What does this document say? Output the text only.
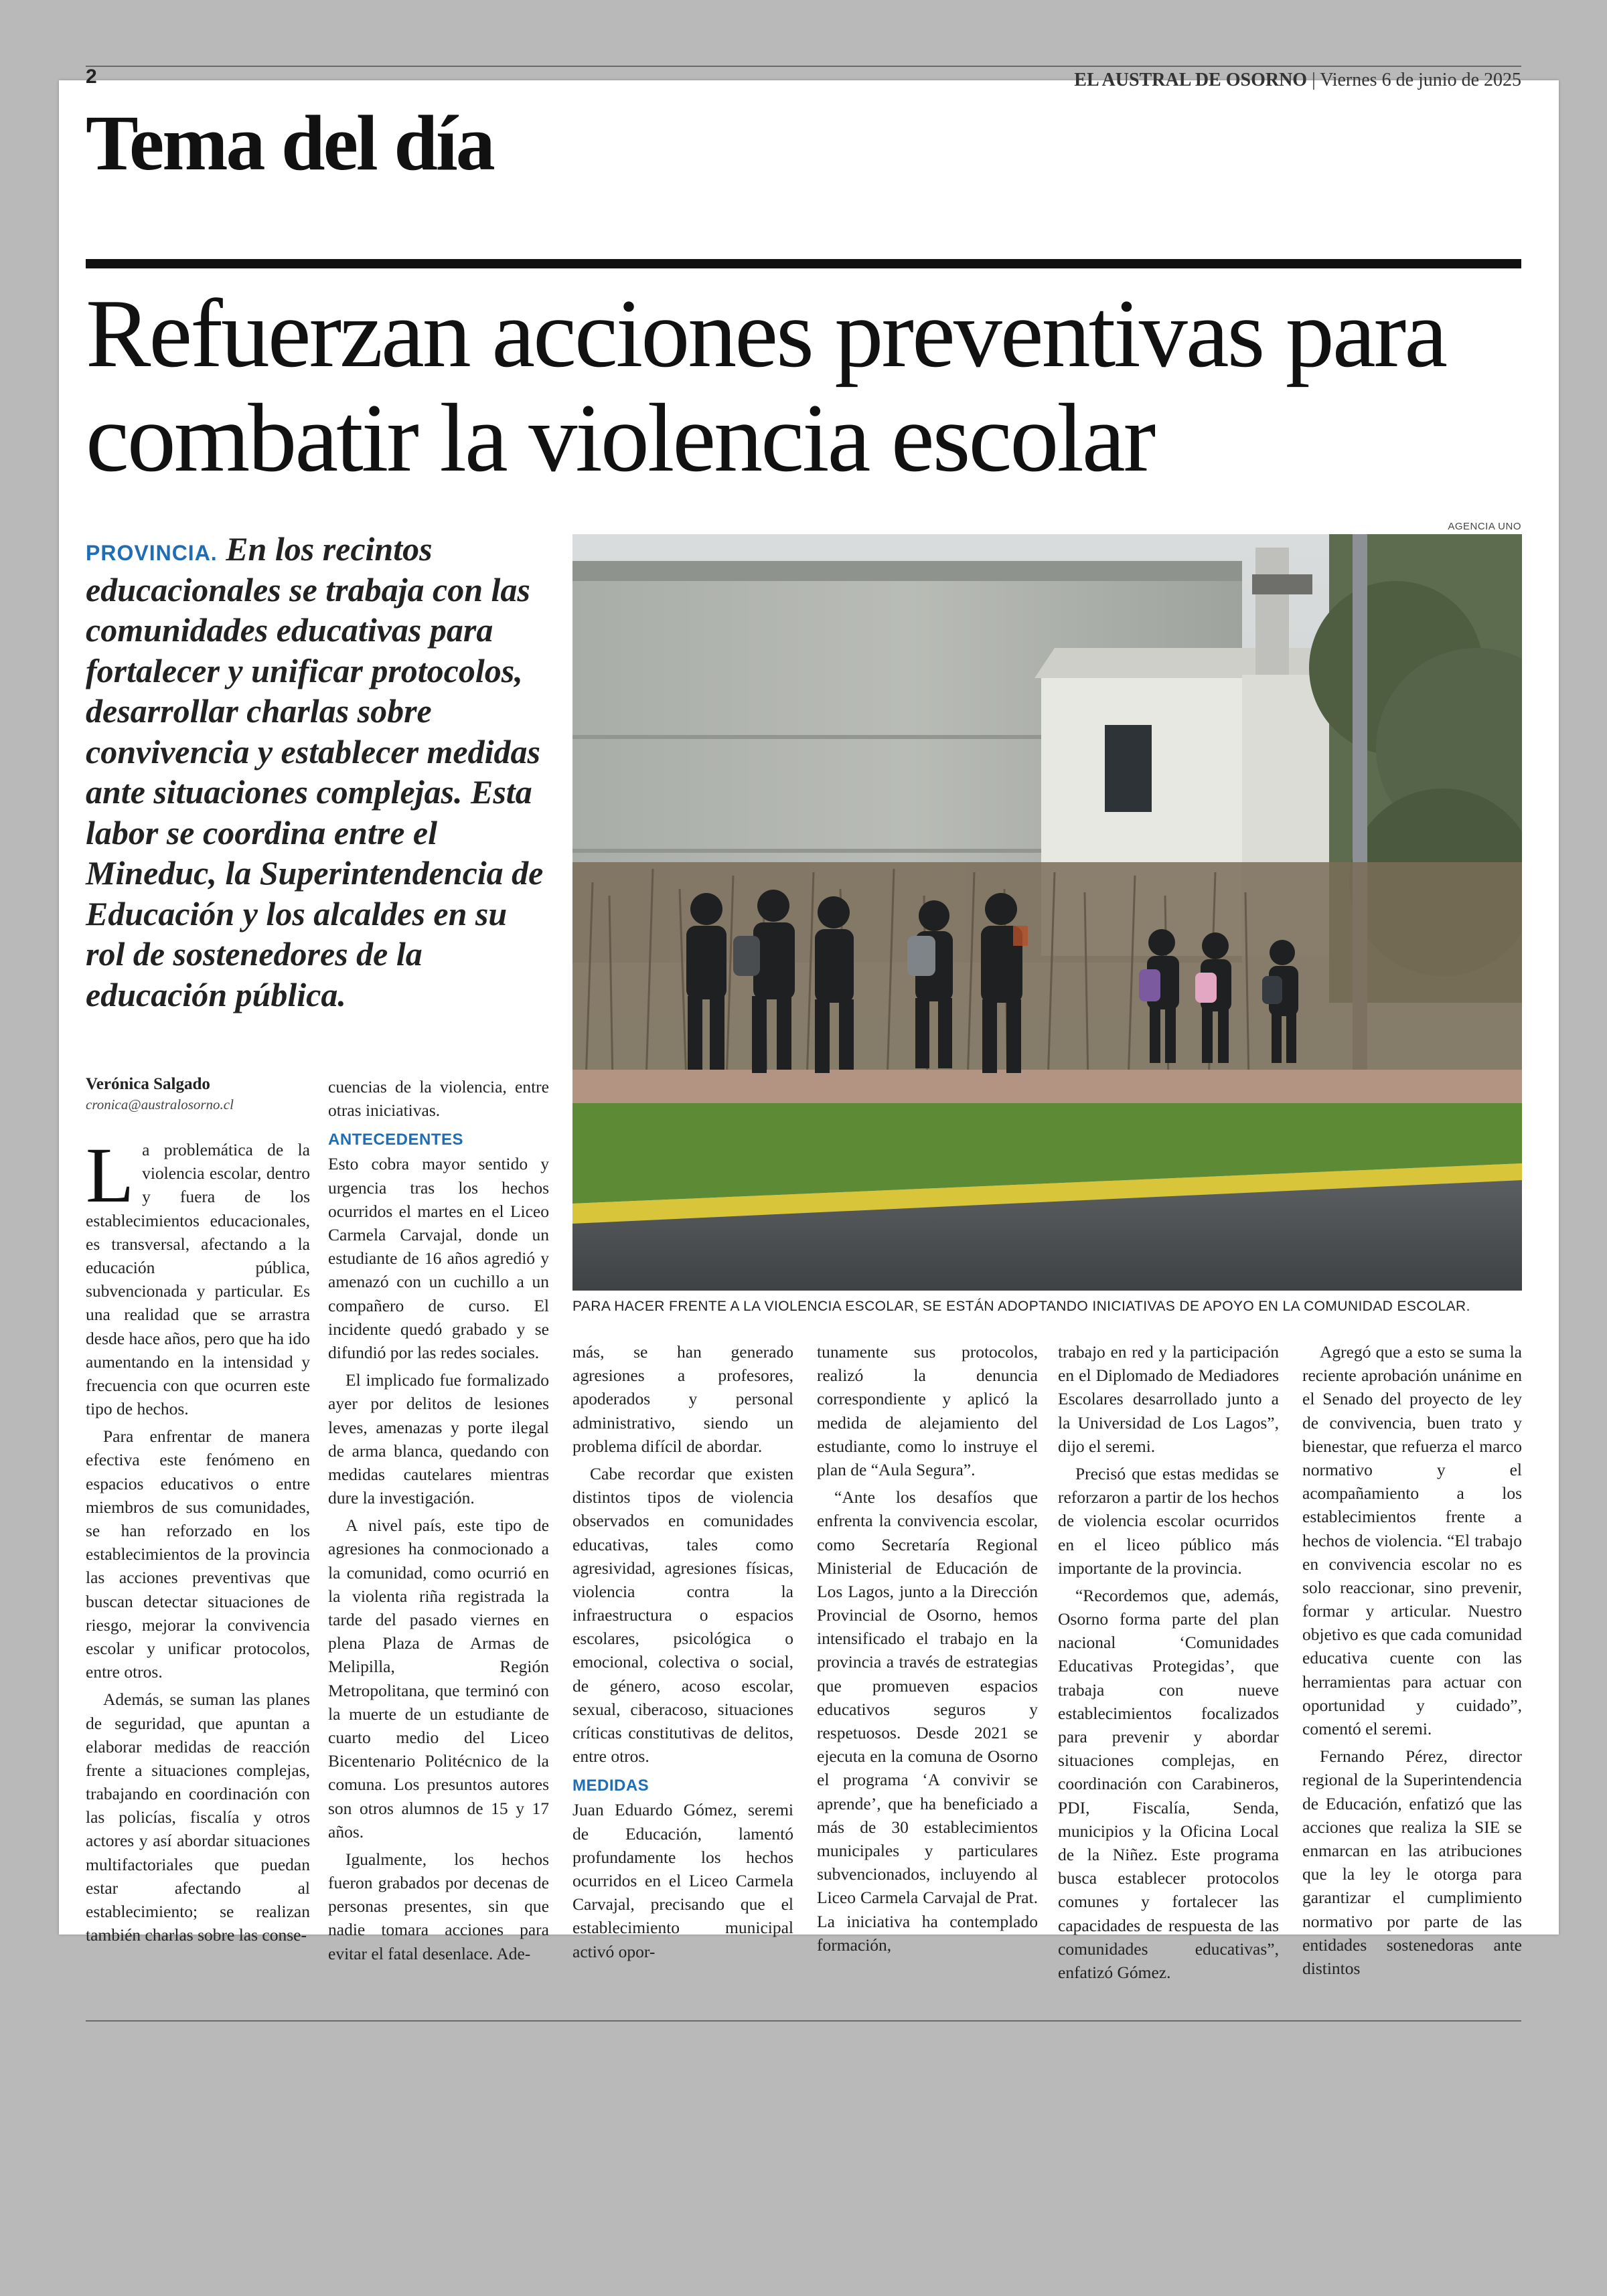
2	EL AUSTRAL DE OSORNO | Viernes 6 de junio de 2025
Tema del día
Refuerzan acciones preventivas para combatir la violencia escolar

PROVINCIA. En los recintos educacionales se trabaja con las comunidades educativas para fortalecer y unificar protocolos, desarrollar charlas sobre convivencia y establecer medidas ante situaciones complejas. Esta labor se coordina entre el Mineduc, la Superintendencia de Educación y los alcaldes en su rol de sostenedores de la educación pública.

AGENCIA UNO

PARA HACER FRENTE A LA VIOLENCIA ESCOLAR, SE ESTÁN ADOPTANDO INICIATIVAS DE APOYO EN LA COMUNIDAD ESCOLAR.

Verónica Salgado
cronica@australosorno.cl

La problemática de la violencia escolar, dentro y fuera de los establecimientos educacionales, es transversal, afectando a la educación pública, subvencionada y particular. Es una realidad que se arrastra desde hace años, pero que ha ido aumentando en la intensidad y frecuencia con que ocurren este tipo de hechos.

Para enfrentar de manera efectiva este fenómeno en espacios educativos o entre miembros de sus comunidades, se han reforzado en los establecimientos de la provincia las acciones preventivas que buscan detectar situaciones de riesgo, mejorar la convivencia escolar y unificar protocolos, entre otros.

Además, se suman las planes de seguridad, que apuntan a elaborar medidas de reacción frente a situaciones complejas, trabajando en coordinación con las policías, fiscalía y otros actores y así abordar situaciones multifactoriales que puedan estar afectando al establecimiento; se realizan también charlas sobre las conse-

cuencias de la violencia, entre otras iniciativas.

ANTECEDENTES

Esto cobra mayor sentido y urgencia tras los hechos ocurridos el martes en el Liceo Carmela Carvajal, donde un estudiante de 16 años agredió y amenazó con un cuchillo a un compañero de curso. El incidente quedó grabado y se difundió por las redes sociales.

El implicado fue formalizado ayer por delitos de lesiones leves, amenazas y porte ilegal de arma blanca, quedando con medidas cautelares mientras dure la investigación.

A nivel país, este tipo de agresiones ha conmocionado a la comunidad, como ocurrió en la violenta riña registrada la tarde del pasado viernes en plena Plaza de Armas de Melipilla, Región Metropolitana, que terminó con la muerte de un estudiante de cuarto medio del Liceo Bicentenario Politécnico de la comuna. Los presuntos autores son otros alumnos de 15 y 17 años.

Igualmente, los hechos fueron grabados por decenas de personas presentes, sin que nadie tomara acciones para evitar el fatal desenlace. Ade-

más, se han generado agresiones a profesores, apoderados y personal administrativo, siendo un problema difícil de abordar.

Cabe recordar que existen distintos tipos de violencia observados en comunidades educativas, tales como agresividad, agresiones físicas, violencia contra la infraestructura o espacios escolares, psicológica o emocional, colectiva o social, de género, acoso escolar, sexual, ciberacoso, situaciones críticas constitutivas de delitos, entre otros.

MEDIDAS

Juan Eduardo Gómez, seremi de Educación, lamentó profundamente los hechos ocurridos en el Liceo Carmela Carvajal, precisando que el establecimiento municipal activó opor-

tunamente sus protocolos, realizó la denuncia correspondiente y aplicó la medida de alejamiento del estudiante, como lo instruye el plan de “Aula Segura”.

“Ante los desafíos que enfrenta la convivencia escolar, como Secretaría Regional Ministerial de Educación de Los Lagos, junto a la Dirección Provincial de Osorno, hemos intensificado el trabajo en la provincia a través de estrategias que promueven espacios educativos seguros y respetuosos. Desde 2021 se ejecuta en la comuna de Osorno el programa ‘A convivir se aprende’, que ha beneficiado a más de 30 establecimientos municipales y particulares subvencionados, incluyendo al Liceo Carmela Carvajal de Prat. La iniciativa ha contemplado formación,

trabajo en red y la participación en el Diplomado de Mediadores Escolares desarrollado junto a la Universidad de Los Lagos”, dijo el seremi.

Precisó que estas medidas se reforzaron a partir de los hechos de violencia escolar ocurridos en el liceo público más importante de la provincia.

“Recordemos que, además, Osorno forma parte del plan nacional ‘Comunidades Educativas Protegidas’, que trabaja con nueve establecimientos focalizados para prevenir y abordar situaciones complejas, en coordinación con Carabineros, PDI, Fiscalía, Senda, municipios y la Oficina Local de la Niñez. Este programa busca establecer protocolos comunes y fortalecer las capacidades de respuesta de las comunidades educativas”, enfatizó Gómez.

Agregó que a esto se suma la reciente aprobación unánime en el Senado del proyecto de ley de convivencia, buen trato y bienestar, que refuerza el marco normativo y el acompañamiento a los establecimientos frente a hechos de violencia. “El trabajo en convivencia escolar no es solo reaccionar, sino prevenir, formar y articular. Nuestro objetivo es que cada comunidad educativa cuente con las herramientas para actuar con oportunidad y cuidado”, comentó el seremi.

Fernando Pérez, director regional de la Superintendencia de Educación, enfatizó que las acciones que realiza la SIE se enmarcan en las atribuciones que la ley le otorga para garantizar el cumplimiento normativo por parte de las entidades sostenedoras ante distintos
